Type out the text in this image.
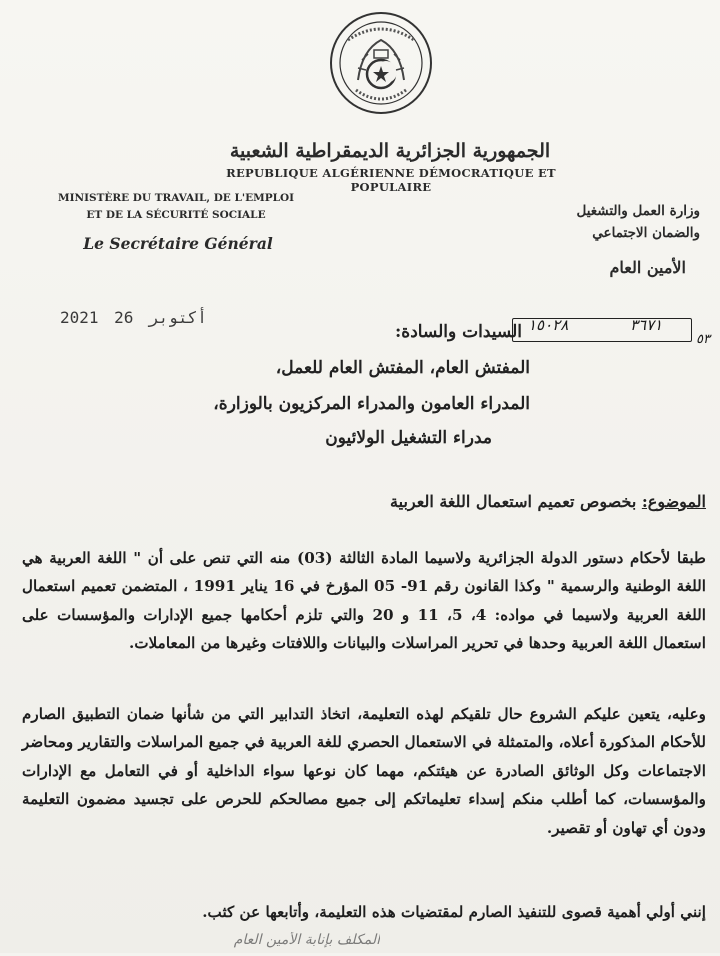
الجمهورية الجزائرية الديمقراطية الشعبية
REPUBLIQUE ALGÉRIENNE DÉMOCRATIQUE ET POPULAIRE
MINISTÈRE DU TRAVAIL, DE L'EMPLOI
ET DE LA SÉCURITÉ SOCIALE
Le Secrétaire Général
وزارة العمل والتشغيل
والضمان الاجتماعي
الأمين العام
2021	أكتوبر 26	١٥٠٢٨	٣٦٧١
٥٣
السيدات والسادة:
المفتش العام، المفتش العام للعمل،
المدراء العامون والمدراء المركزيون بالوزارة،
مدراء التشغيل الولائيون
الموضوع: بخصوص تعميم استعمال اللغة العربية
طبقا لأحكام دستور الدولة الجزائرية ولاسيما المادة الثالثة (03) منه التي تنص على أن " اللغة العربية هي اللغة الوطنية والرسمية " وكذا القانون رقم 91- 05 المؤرخ في 16 يناير 1991 ، المتضمن تعميم استعمال اللغة العربية ولاسيما في مواده: 4، 5، 11 و 20 والتي تلزم أحكامها جميع الإدارات والمؤسسات على استعمال اللغة العربية وحدها في تحرير المراسلات والبيانات واللافتات وغيرها من المعاملات.
وعليه، يتعين عليكم الشروع حال تلقيكم لهذه التعليمة، اتخاذ التدابير التي من شأنها ضمان التطبيق الصارم للأحكام المذكورة أعلاه، والمتمثلة في الاستعمال الحصري للغة العربية في جميع المراسلات والتقارير ومحاضر الاجتماعات وكل الوثائق الصادرة عن هيئتكم، مهما كان نوعها سواء الداخلية أو في التعامل مع الإدارات والمؤسسات، كما أطلب منكم إسداء تعليماتكم إلى جميع مصالحكم للحرص على تجسيد مضمون التعليمة ودون أي تهاون أو تقصير.
إنني أولي أهمية قصوى للتنفيذ الصارم لمقتضيات هذه التعليمة، وأتابعها عن كثب.
المكلف بإنابة الأمين العام
